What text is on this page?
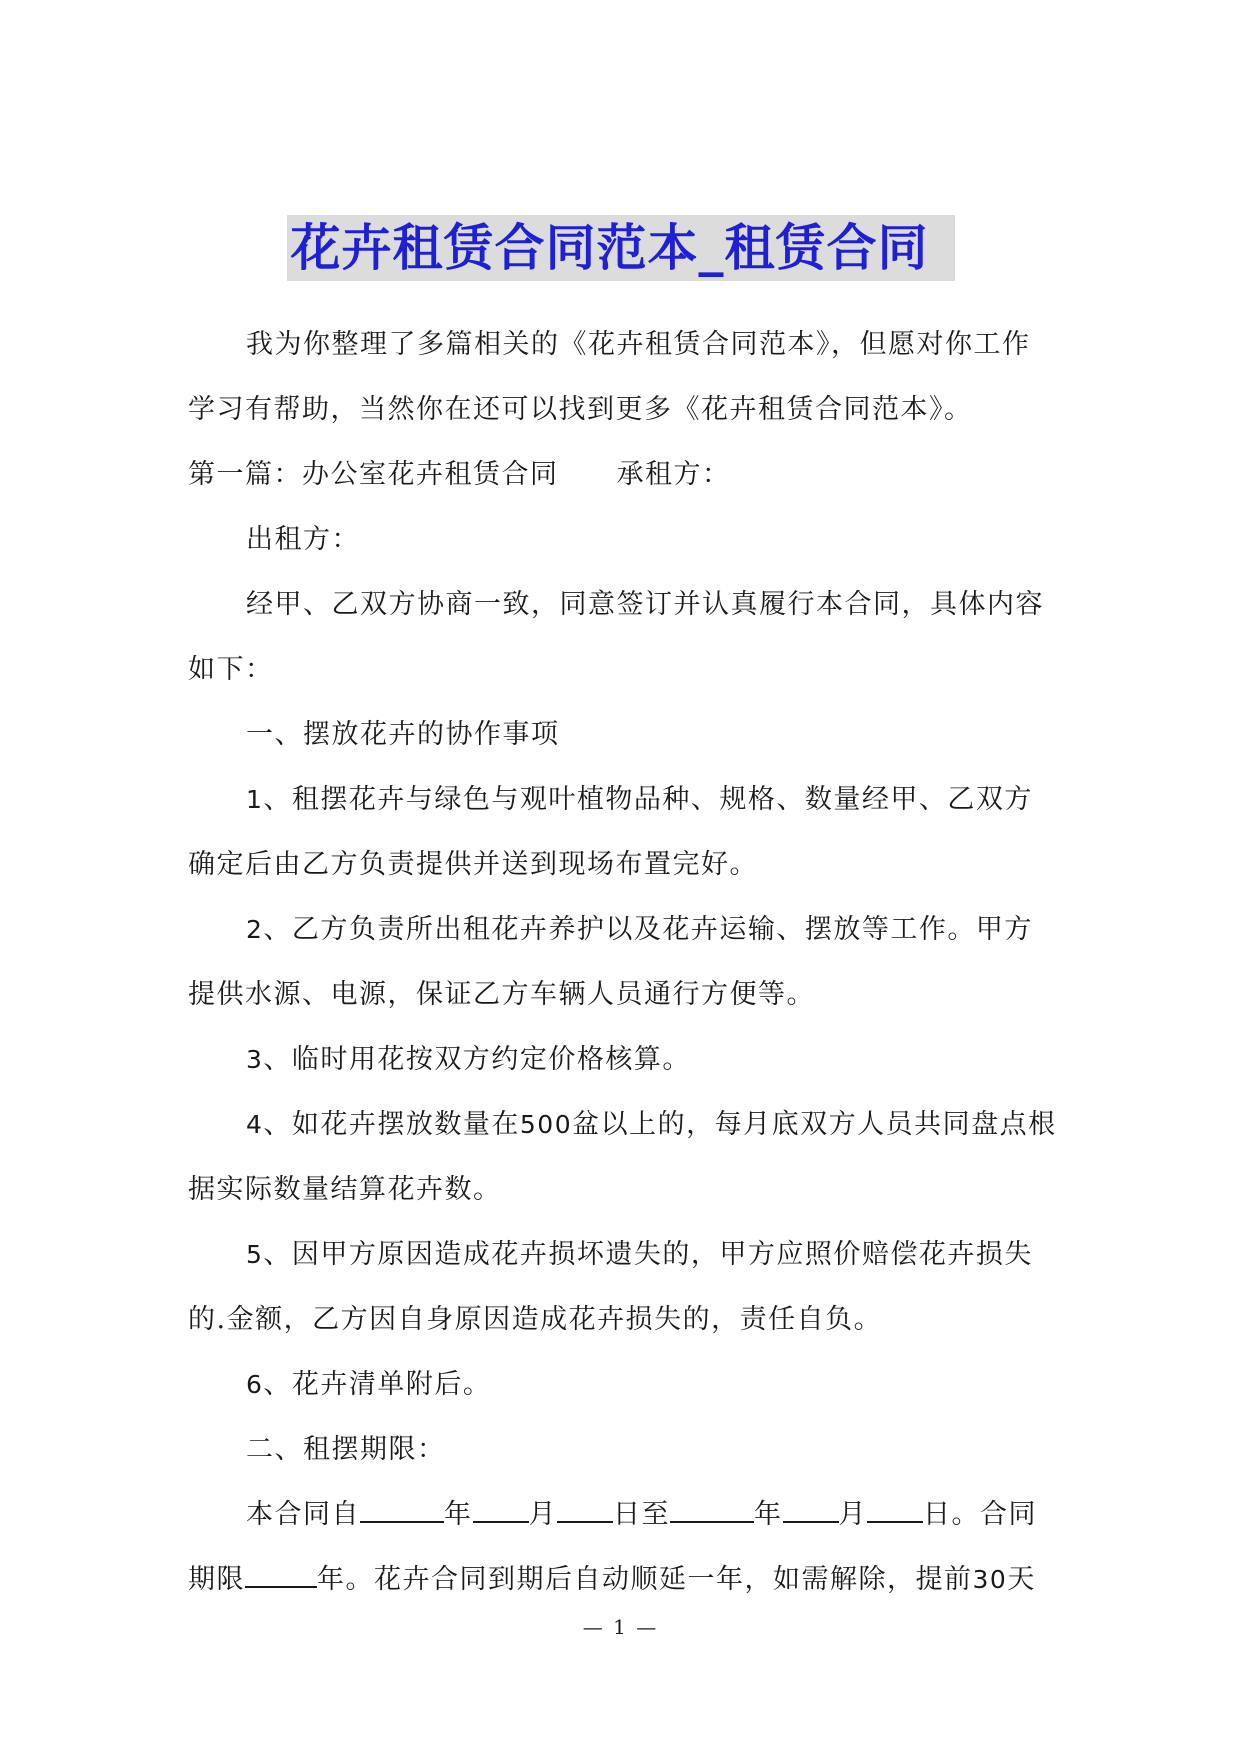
花卉租赁合同范本_租赁合同

我为你整理了多篇相关的《花卉租赁合同范本》，但愿对你工作学习有帮助，当然你在还可以找到更多《花卉租赁合同范本》。

第一篇：办公室花卉租赁合同 承租方：

出租方：

经甲、乙双方协商一致，同意签订并认真履行本合同，具体内容如下：

一、摆放花卉的协作事项

1、租摆花卉与绿色与观叶植物品种、规格、数量经甲、乙双方确定后由乙方负责提供并送到现场布置完好。

2、乙方负责所出租花卉养护以及花卉运输、摆放等工作。甲方提供水源、电源，保证乙方车辆人员通行方便等。

3、临时用花按双方约定价格核算。

4、如花卉摆放数量在500盆以上的，每月底双方人员共同盘点根据实际数量结算花卉数。

5、因甲方原因造成花卉损坏遗失的，甲方应照价赔偿花卉损失的.金额，乙方因自身原因造成花卉损失的，责任自负。

6、花卉清单附后。

二、租摆期限：

本合同自	年 月 日至	年 月 日。合同期限	年。花卉合同到期后自动顺延一年，如需解除，提前30天

— 1 —
